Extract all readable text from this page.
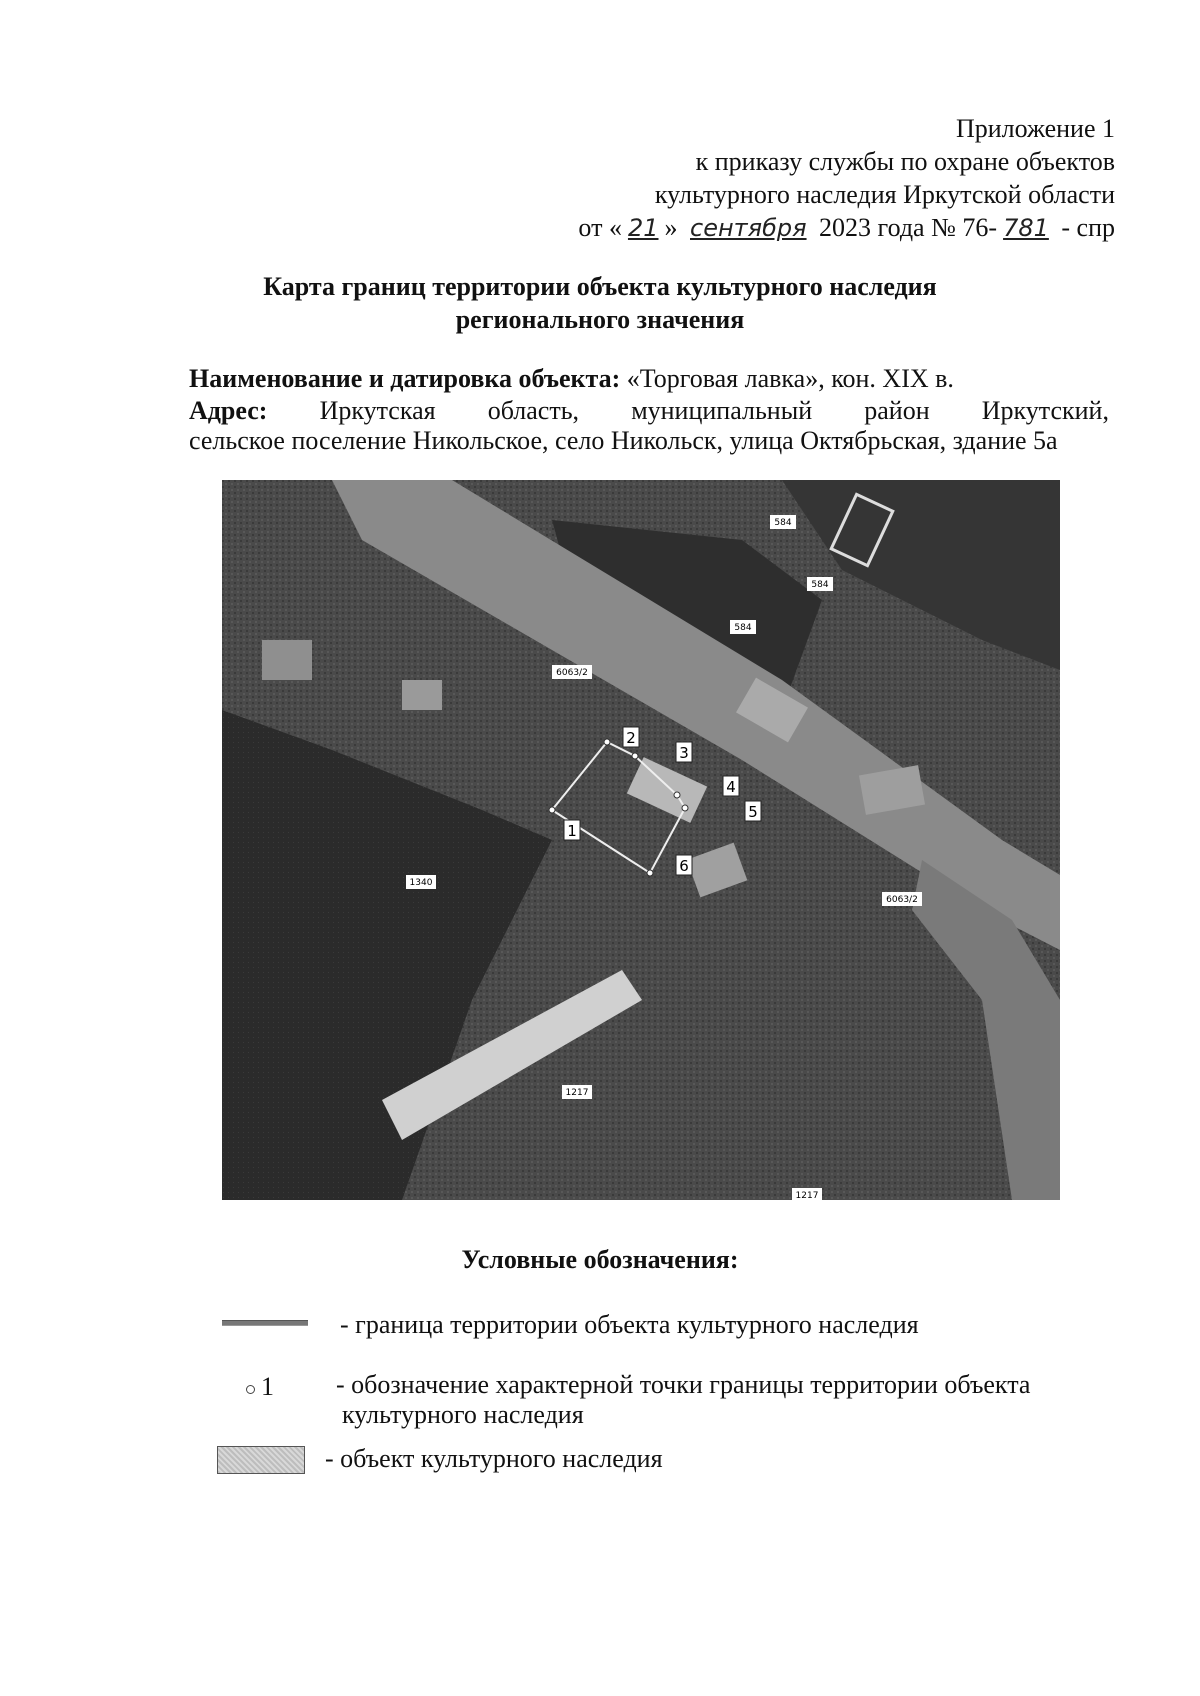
Приложение 1
к приказу службы по охране объектов
культурного наследия Иркутской области
от « 21 » сентября 2023 года № 76- 781 - спр
Карта границ территории объекта культурного наследия
регионального значения
Наименование и датировка объекта: «Торговая лавка», кон. XIX в.
Адрес: Иркутская область, муниципальный район Иркутский,
сельское поселение Никольское, село Никольск, улица Октябрьская, здание 5а
1
2
3
4
5
6
584
584
584
6063/2
1340
6063/2
1217
1217
Условные обозначения:
- граница территории объекта культурного наследия
1 - обозначение характерной точки границы территории объекта
культурного наследия
- объект культурного наследия
